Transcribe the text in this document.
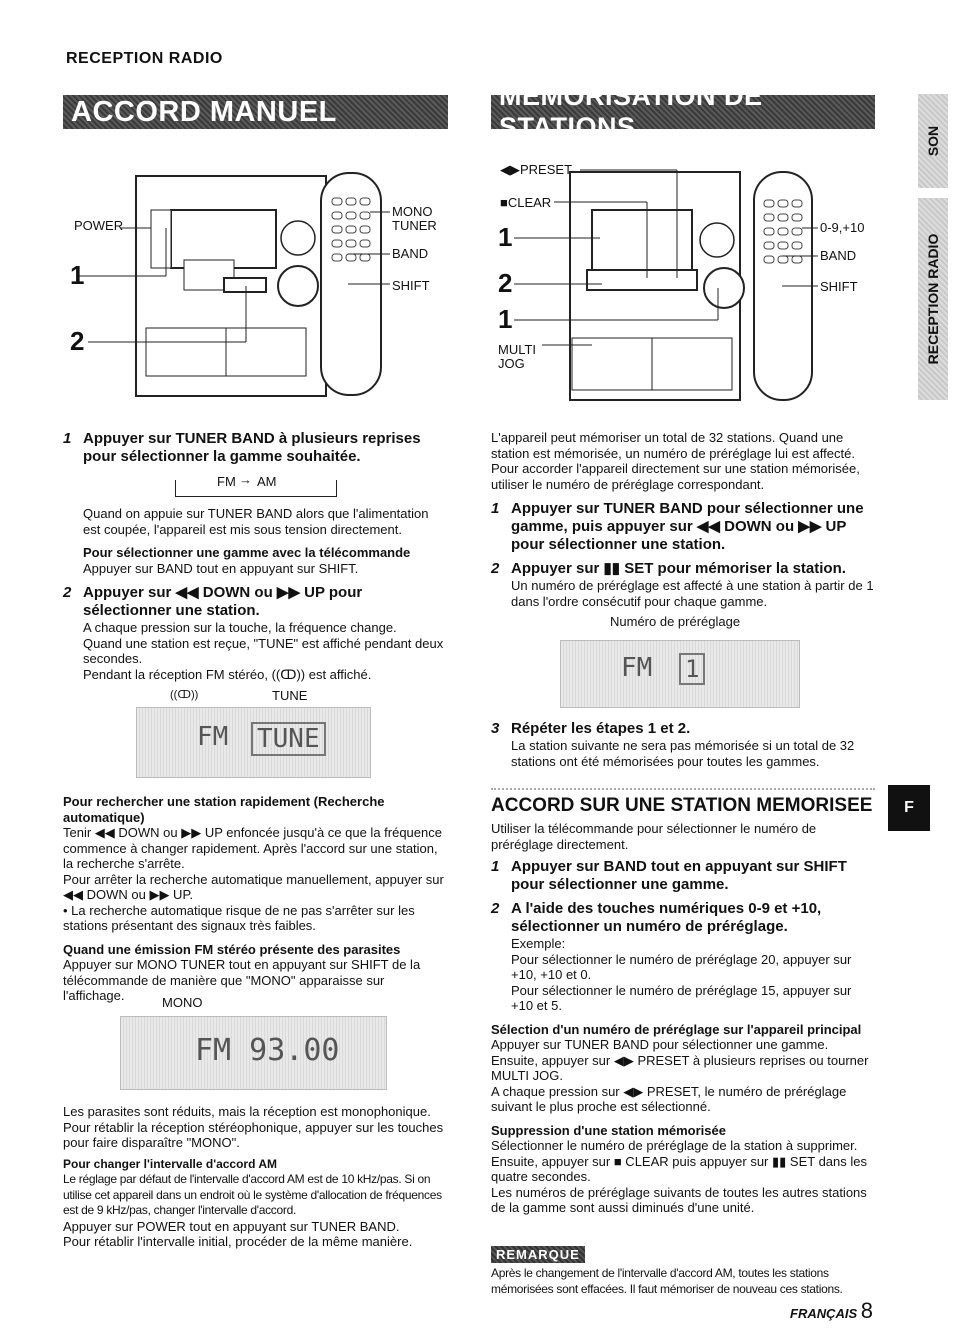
RECEPTION RADIO
SON
RECEPTION RADIO
F
ACCORD MANUEL
POWER
MONO
TUNER
BAND
SHIFT
1
2
1 Appuyer sur TUNER BAND à plusieurs reprises pour sélectionner la gamme souhaitée.
FM → AM

Quand on appuie sur TUNER BAND alors que l'alimentation est coupée, l'appareil est mis sous tension directement.

Pour sélectionner une gamme avec la télécommande

Appuyer sur BAND tout en appuyant sur SHIFT.

2 Appuyer sur ◀◀ DOWN ou ▶▶ UP pour sélectionner une station.

A chaque pression sur la touche, la fréquence change.

Quand une station est reçue, "TUNE" est affiché pendant deux secondes.

Pendant la réception FM stéréo, ((ↀ)) est affiché.

((ↀ))	TUNE
FM TUNE

Pour rechercher une station rapidement (Recherche automatique)

Tenir ◀◀ DOWN ou ▶▶ UP enfoncée jusqu'à ce que la fréquence commence à changer rapidement. Après l'accord sur une station, la recherche s'arrête.

Pour arrêter la recherche automatique manuellement, appuyer sur ◀◀ DOWN ou ▶▶ UP.

• La recherche automatique risque de ne pas s'arrêter sur les stations présentant des signaux très faibles.

Quand une émission FM stéréo présente des parasites

Appuyer sur MONO TUNER tout en appuyant sur SHIFT de la télécommande de manière que "MONO" apparaisse sur l'affichage.	MONO
FM 93.00

Les parasites sont réduits, mais la réception est monophonique. Pour rétablir la réception stéréophonique, appuyer sur les touches pour faire disparaître "MONO".

Pour changer l'intervalle d'accord AM

Le réglage par défaut de l'intervalle d'accord AM est de 10 kHz/pas. Si on utilise cet appareil dans un endroit où le système d'allocation de fréquences est de 9 kHz/pas, changer l'intervalle d'accord.

Appuyer sur POWER tout en appuyant sur TUNER BAND.

Pour rétablir l'intervalle initial, procéder de la même manière.

MEMORISATION DE STATIONS
◀▶PRESET
■CLEAR
MULTI
JOG
0-9,+10
BAND
SHIFT
1
2
1

L'appareil peut mémoriser un total de 32 stations. Quand une station est mémorisée, un numéro de préréglage lui est affecté. Pour accorder l'appareil directement sur une station mémorisée, utiliser le numéro de préréglage correspondant.

1 Appuyer sur TUNER BAND pour sélectionner une gamme, puis appuyer sur ◀◀ DOWN ou ▶▶ UP pour sélectionner une station.
2 Appuyer sur ▮▮ SET pour mémoriser la station.

Un numéro de préréglage est affecté à une station à partir de 1 dans l'ordre consécutif pour chaque gamme.

Numéro de préréglage
FM 1
3 Répéter les étapes 1 et 2.

La station suivante ne sera pas mémorisée si un total de 32 stations ont été mémorisées pour toutes les gammes.

ACCORD SUR UNE STATION MEMORISEE

Utiliser la télécommande pour sélectionner le numéro de préréglage directement.

1 Appuyer sur BAND tout en appuyant sur SHIFT pour sélectionner une gamme.
2 A l'aide des touches numériques 0-9 et +10, sélectionner un numéro de préréglage.

Exemple:

Pour sélectionner le numéro de préréglage 20, appuyer sur +10, +10 et 0.

Pour sélectionner le numéro de préréglage 15, appuyer sur +10 et 5.

Sélection d'un numéro de préréglage sur l'appareil principal

Appuyer sur TUNER BAND pour sélectionner une gamme. Ensuite, appuyer sur ◀▶ PRESET à plusieurs reprises ou tourner MULTI JOG.

A chaque pression sur ◀▶ PRESET, le numéro de préréglage suivant le plus proche est sélectionné.

Suppression d'une station mémorisée

Sélectionner le numéro de préréglage de la station à supprimer. Ensuite, appuyer sur ■ CLEAR puis appuyer sur ▮▮ SET dans les quatre secondes.

Les numéros de préréglage suivants de toutes les autres stations de la gamme sont aussi diminués d'une unité.

REMARQUE
Après le changement de l'intervalle d'accord AM, toutes les stations mémorisées sont effacées. Il faut mémoriser de nouveau ces stations.
FRANÇAIS 8
